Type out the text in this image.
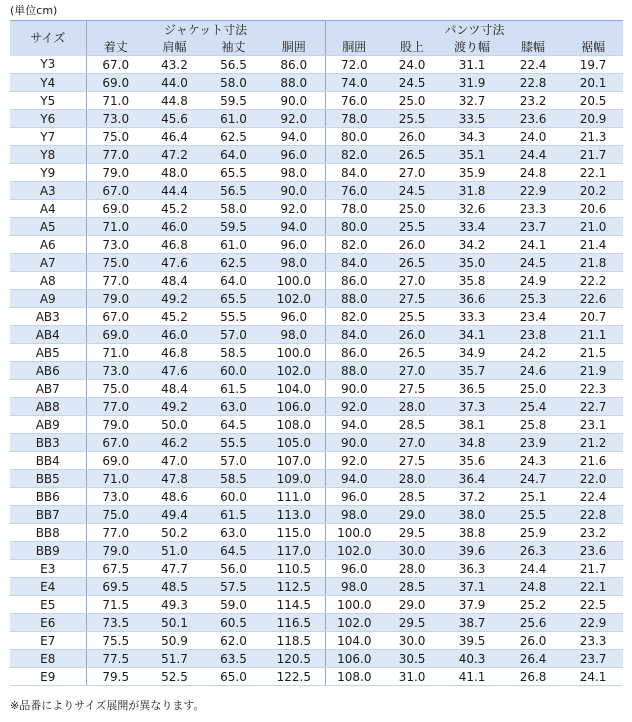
(単位cm)
サイズ	ジャケット寸法				パンツ寸法				
	着丈	肩幅	袖丈	胴囲	胴囲	股上	渡り幅	膝幅	裾幅
Y3	67.0	43.2	56.5	86.0	72.0	24.0	31.1	22.4	19.7
Y4	69.0	44.0	58.0	88.0	74.0	24.5	31.9	22.8	20.1
Y5	71.0	44.8	59.5	90.0	76.0	25.0	32.7	23.2	20.5
Y6	73.0	45.6	61.0	92.0	78.0	25.5	33.5	23.6	20.9
Y7	75.0	46.4	62.5	94.0	80.0	26.0	34.3	24.0	21.3
Y8	77.0	47.2	64.0	96.0	82.0	26.5	35.1	24.4	21.7
Y9	79.0	48.0	65.5	98.0	84.0	27.0	35.9	24.8	22.1
A3	67.0	44.4	56.5	90.0	76.0	24.5	31.8	22.9	20.2
A4	69.0	45.2	58.0	92.0	78.0	25.0	32.6	23.3	20.6
A5	71.0	46.0	59.5	94.0	80.0	25.5	33.4	23.7	21.0
A6	73.0	46.8	61.0	96.0	82.0	26.0	34.2	24.1	21.4
A7	75.0	47.6	62.5	98.0	84.0	26.5	35.0	24.5	21.8
A8	77.0	48.4	64.0	100.0	86.0	27.0	35.8	24.9	22.2
A9	79.0	49.2	65.5	102.0	88.0	27.5	36.6	25.3	22.6
AB3	67.0	45.2	55.5	96.0	82.0	25.5	33.3	23.4	20.7
AB4	69.0	46.0	57.0	98.0	84.0	26.0	34.1	23.8	21.1
AB5	71.0	46.8	58.5	100.0	86.0	26.5	34.9	24.2	21.5
AB6	73.0	47.6	60.0	102.0	88.0	27.0	35.7	24.6	21.9
AB7	75.0	48.4	61.5	104.0	90.0	27.5	36.5	25.0	22.3
AB8	77.0	49.2	63.0	106.0	92.0	28.0	37.3	25.4	22.7
AB9	79.0	50.0	64.5	108.0	94.0	28.5	38.1	25.8	23.1
BB3	67.0	46.2	55.5	105.0	90.0	27.0	34.8	23.9	21.2
BB4	69.0	47.0	57.0	107.0	92.0	27.5	35.6	24.3	21.6
BB5	71.0	47.8	58.5	109.0	94.0	28.0	36.4	24.7	22.0
BB6	73.0	48.6	60.0	111.0	96.0	28.5	37.2	25.1	22.4
BB7	75.0	49.4	61.5	113.0	98.0	29.0	38.0	25.5	22.8
BB8	77.0	50.2	63.0	115.0	100.0	29.5	38.8	25.9	23.2
BB9	79.0	51.0	64.5	117.0	102.0	30.0	39.6	26.3	23.6
E3	67.5	47.7	56.0	110.5	96.0	28.0	36.3	24.4	21.7
E4	69.5	48.5	57.5	112.5	98.0	28.5	37.1	24.8	22.1
E5	71.5	49.3	59.0	114.5	100.0	29.0	37.9	25.2	22.5
E6	73.5	50.1	60.5	116.5	102.0	29.5	38.7	25.6	22.9
E7	75.5	50.9	62.0	118.5	104.0	30.0	39.5	26.0	23.3
E8	77.5	51.7	63.5	120.5	106.0	30.5	40.3	26.4	23.7
E9	79.5	52.5	65.0	122.5	108.0	31.0	41.1	26.8	24.1
※品番によりサイズ展開が異なります。
